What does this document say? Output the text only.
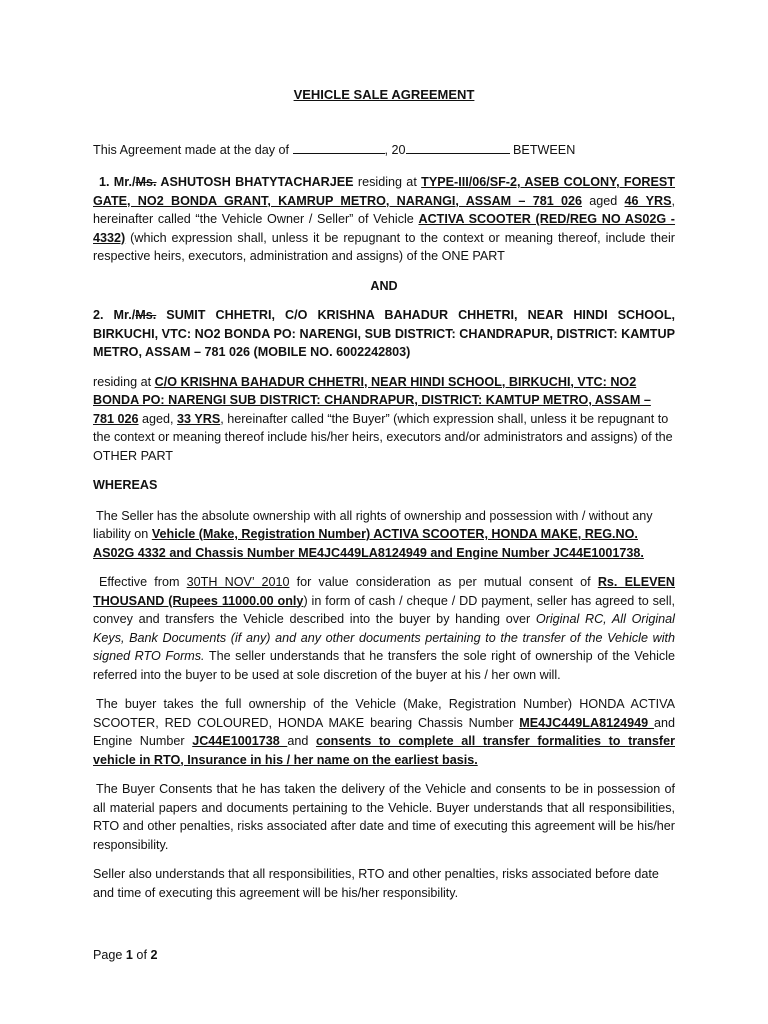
VEHICLE SALE AGREEMENT

This Agreement made at the day of	, 20	BETWEEN

1. Mr./Ms. ASHUTOSH BHATYTACHARJEE residing at TYPE-III/06/SF-2, ASEB COLONY, FOREST GATE, NO2 BONDA GRANT, KAMRUP METRO, NARANGI, ASSAM – 781 026 aged 46 YRS, hereinafter called “the Vehicle Owner / Seller” of Vehicle ACTIVA SCOOTER (RED/REG NO AS02G - 4332) (which expression shall, unless it be repugnant to the context or meaning thereof, include their respective heirs, executors, administration and assigns) of the ONE PART

AND

2. Mr./Ms. SUMIT CHHETRI, C/O KRISHNA BAHADUR CHHETRI, NEAR HINDI SCHOOL, BIRKUCHI, VTC: NO2 BONDA PO: NARENGI, SUB DISTRICT: CHANDRAPUR, DISTRICT: KAMTUP METRO, ASSAM – 781 026 (MOBILE NO. 6002242803)

residing at C/O KRISHNA BAHADUR CHHETRI, NEAR HINDI SCHOOL, BIRKUCHI, VTC: NO2 BONDA PO: NARENGI SUB DISTRICT: CHANDRAPUR, DISTRICT: KAMTUP METRO, ASSAM – 781 026 aged, 33 YRS, hereinafter called “the Buyer” (which expression shall, unless it be repugnant to the context or meaning thereof include his/her heirs, executors and/or administrators and assigns) of the OTHER PART

WHEREAS

The Seller has the absolute ownership with all rights of ownership and possession with / without any liability on Vehicle (Make, Registration Number) ACTIVA SCOOTER, HONDA MAKE, REG.NO. AS02G 4332 and Chassis Number ME4JC449LA8124949 and Engine Number JC44E1001738.

Effective from 30TH NOV’ 2010 for value consideration as per mutual consent of Rs. ELEVEN THOUSAND (Rupees 11000.00 only) in form of cash / cheque / DD payment, seller has agreed to sell, convey and transfers the Vehicle described into the buyer by handing over Original RC, All Original Keys, Bank Documents (if any) and any other documents pertaining to the transfer of the Vehicle with signed RTO Forms. The seller understands that he transfers the sole right of ownership of the Vehicle referred into the buyer to be used at sole discretion of the buyer at his / her own will.

The buyer takes the full ownership of the Vehicle (Make, Registration Number) HONDA ACTIVA SCOOTER, RED COLOURED, HONDA MAKE bearing Chassis Number ME4JC449LA8124949 and Engine Number JC44E1001738 and consents to complete all transfer formalities to transfer vehicle in RTO, Insurance in his / her name on the earliest basis.

The Buyer Consents that he has taken the delivery of the Vehicle and consents to be in possession of all material papers and documents pertaining to the Vehicle. Buyer understands that all responsibilities, RTO and other penalties, risks associated after date and time of executing this agreement will be his/her responsibility.

Seller also understands that all responsibilities, RTO and other penalties, risks associated before date and time of executing this agreement will be his/her responsibility.

Page 1 of 2
